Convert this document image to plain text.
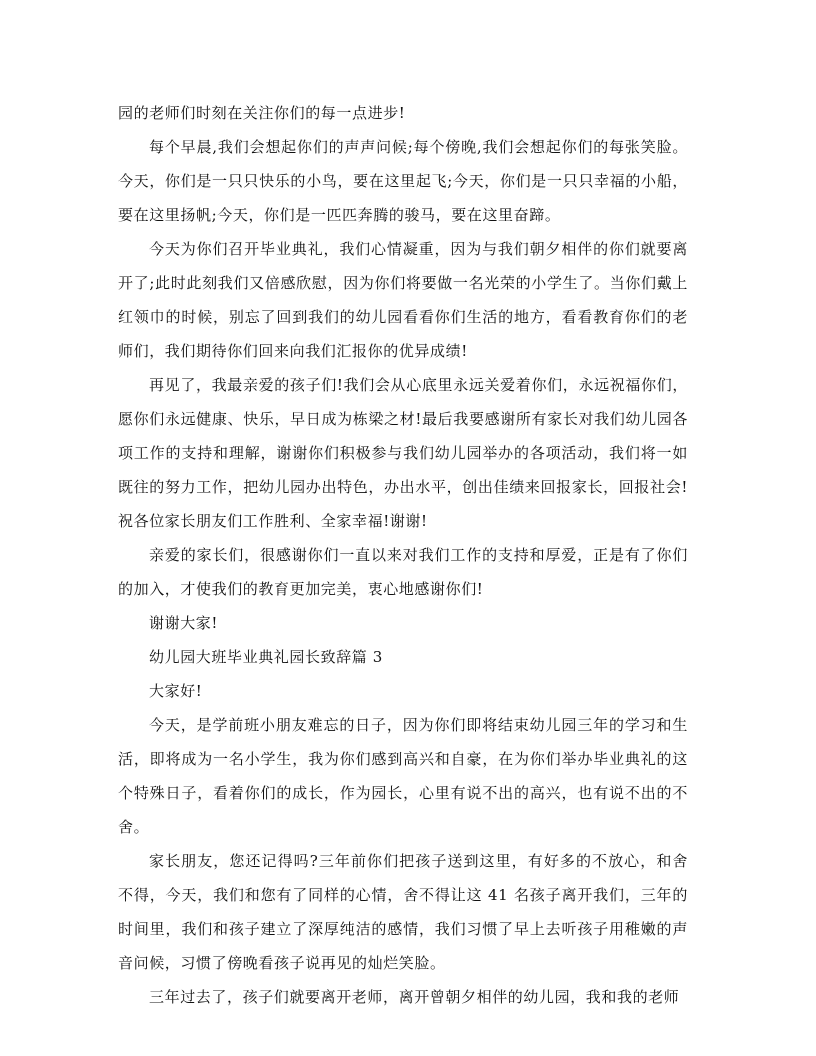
园的老师们时刻在关注你们的每一点进步!

每个早晨,我们会想起你们的声声问候;每个傍晚,我们会想起你们的每张笑脸。今天，你们是一只只快乐的小鸟，要在这里起飞;今天，你们是一只只幸福的小船，要在这里扬帆;今天，你们是一匹匹奔腾的骏马，要在这里奋蹄。

今天为你们召开毕业典礼，我们心情凝重，因为与我们朝夕相伴的你们就要离开了;此时此刻我们又倍感欣慰，因为你们将要做一名光荣的小学生了。当你们戴上红领巾的时候，别忘了回到我们的幼儿园看看你们生活的地方，看看教育你们的老师们，我们期待你们回来向我们汇报你的优异成绩!

再见了，我最亲爱的孩子们!我们会从心底里永远关爱着你们，永远祝福你们，愿你们永远健康、快乐，早日成为栋梁之材!最后我要感谢所有家长对我们幼儿园各项工作的支持和理解，谢谢你们积极参与我们幼儿园举办的各项活动，我们将一如既往的努力工作，把幼儿园办出特色，办出水平，创出佳绩来回报家长，回报社会!祝各位家长朋友们工作胜利、全家幸福!谢谢!

亲爱的家长们，很感谢你们一直以来对我们工作的支持和厚爱，正是有了你们的加入，才使我们的教育更加完美，衷心地感谢你们!

谢谢大家!

幼儿园大班毕业典礼园长致辞篇 3

大家好!

今天，是学前班小朋友难忘的日子，因为你们即将结束幼儿园三年的学习和生活，即将成为一名小学生，我为你们感到高兴和自豪，在为你们举办毕业典礼的这个特殊日子，看着你们的成长，作为园长，心里有说不出的高兴，也有说不出的不舍。

家长朋友，您还记得吗?三年前你们把孩子送到这里，有好多的不放心，和舍不得，今天，我们和您有了同样的心情，舍不得让这 41 名孩子离开我们，三年的时间里，我们和孩子建立了深厚纯洁的感情，我们习惯了早上去听孩子用稚嫩的声音问候，习惯了傍晚看孩子说再见的灿烂笑脸。

三年过去了，孩子们就要离开老师，离开曾朝夕相伴的幼儿园，我和我的老师
